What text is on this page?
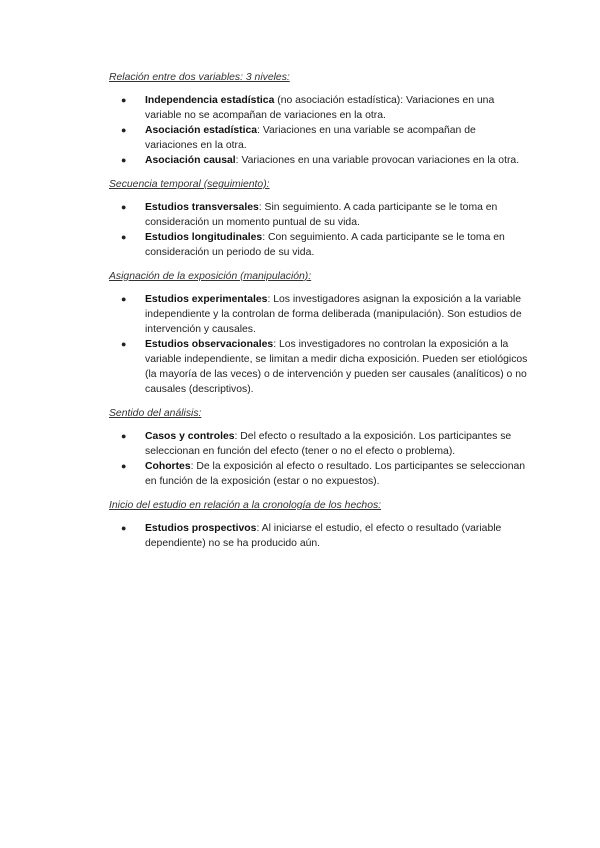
Relación entre dos variables: 3 niveles:

● Independencia estadística (no asociación estadística): Variaciones en una variable no se acompañan de variaciones en la otra.
● Asociación estadística: Variaciones en una variable se acompañan de variaciones en la otra.
● Asociación causal: Variaciones en una variable provocan variaciones en la otra.

Secuencia temporal (seguimiento):

● Estudios transversales: Sin seguimiento. A cada participante se le toma en consideración un momento puntual de su vida.
● Estudios longitudinales: Con seguimiento. A cada participante se le toma en consideración un periodo de su vida.

Asignación de la exposición (manipulación):

● Estudios experimentales: Los investigadores asignan la exposición a la variable independiente y la controlan de forma deliberada (manipulación). Son estudios de intervención y causales.
● Estudios observacionales: Los investigadores no controlan la exposición a la variable independiente, se limitan a medir dicha exposición. Pueden ser etiológicos (la mayoría de las veces) o de intervención y pueden ser causales (analíticos) o no causales (descriptivos).

Sentido del análisis:

● Casos y controles: Del efecto o resultado a la exposición. Los participantes se seleccionan en función del efecto (tener o no el efecto o problema).
● Cohortes: De la exposición al efecto o resultado. Los participantes se seleccionan en función de la exposición (estar o no expuestos).

Inicio del estudio en relación a la cronología de los hechos:

● Estudios prospectivos: Al iniciarse el estudio, el efecto o resultado (variable dependiente) no se ha producido aún.
